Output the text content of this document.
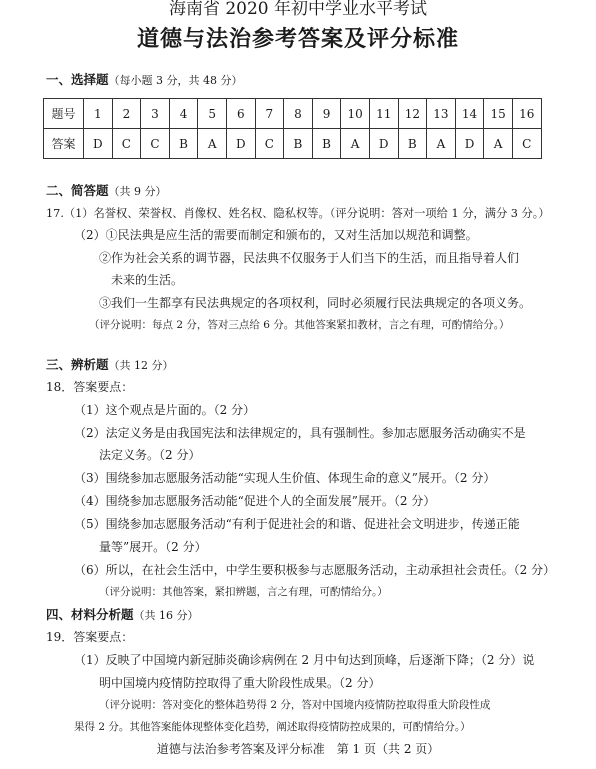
海南省 2020 年初中学业水平考试
道德与法治参考答案及评分标准
一、选择题（每小题 3 分，共 48 分）
题号	1	2	3	4	5	6	7	8	9	10	11	12	13	14	15	16
答案	D	C	C	B	A	D	C	B	B	A	D	B	A	D	A	C
二、简答题（共 9 分）
17.（1）名誉权、荣誉权、肖像权、姓名权、隐私权等。（评分说明：答对一项给 1 分，满分 3 分。）
（2）①民法典是应生活的需要而制定和颁布的，又对生活加以规范和调整。
②作为社会关系的调节器，民法典不仅服务于人们当下的生活，而且指导着人们
未来的生活。
③我们一生都享有民法典规定的各项权利，同时必须履行民法典规定的各项义务。
（评分说明：每点 2 分，答对三点给 6 分。其他答案紧扣教材，言之有理，可酌情给分。）
三、辨析题（共 12 分）
18．答案要点：
（1）这个观点是片面的。（2 分）
（2）法定义务是由我国宪法和法律规定的，具有强制性。参加志愿服务活动确实不是
法定义务。（2 分）
（3）围绕参加志愿服务活动能“实现人生价值、体现生命的意义”展开。（2 分）
（4）围绕参加志愿服务活动能“促进个人的全面发展”展开。（2 分）
（5）围绕参加志愿服务活动“有利于促进社会的和谐、促进社会文明进步，传递正能
量等”展开。（2 分）
（6）所以，在社会生活中，中学生要积极参与志愿服务活动，主动承担社会责任。（2 分）
（评分说明：其他答案，紧扣辨题，言之有理，可酌情给分。）
四、材料分析题（共 16 分）
19．答案要点：
（1）反映了中国境内新冠肺炎确诊病例在 2 月中旬达到顶峰，后逐渐下降；（2 分）说
明中国境内疫情防控取得了重大阶段性成果。（2 分）
（评分说明：答对变化的整体趋势得 2 分，答对中国境内疫情防控取得重大阶段性成
果得 2 分。其他答案能体现整体变化趋势，阐述取得疫情防控成果的，可酌情给分。）
道德与法治参考答案及评分标准　第 1 页（共 2 页）
